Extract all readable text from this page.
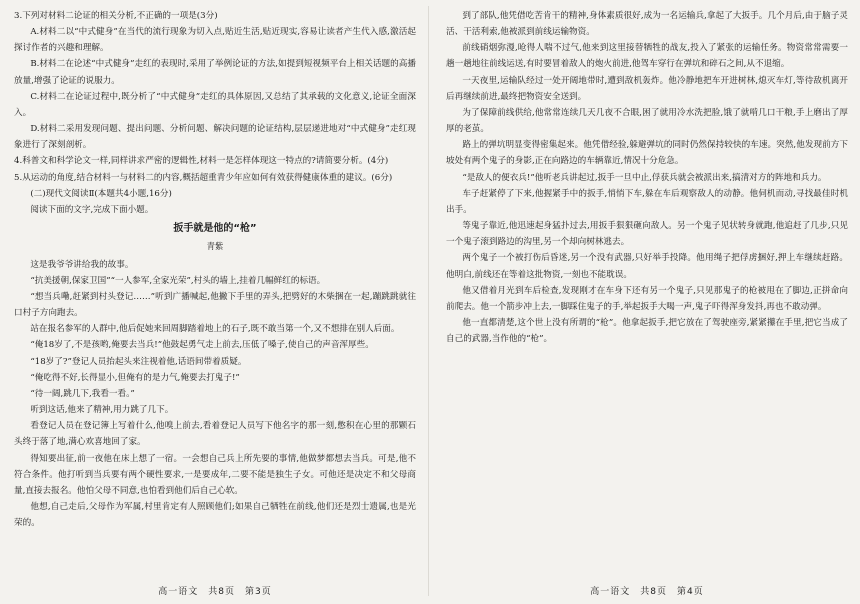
3.下列对材料二论证的相关分析,不正确的一项是(3分)

A.材料二以“中式健身”在当代的流行现象为切入点,贴近生活,贴近现实,容易让读者产生代入感,激活起探讨作者的兴趣和理解。

B.材料二在论述“中式健身”走红的表现时,采用了举例论证的方法,如提到短视频平台上相关话题的高播放量,增强了论证的说服力。

C.材料二在论证过程中,既分析了“中式健身”走红的具体原因,又总结了其承载的文化意义,论证全面深入。

D.材料二采用发现问题、提出问题、分析问题、解决问题的论证结构,层层递进地对“中式健身”走红现象进行了深刻剖析。

4.科普文和科学论文一样,同样讲求严密的逻辑性,材料一是怎样体现这一特点的?请简要分析。(4分)

5.从运动的角度,结合材料一与材料二的内容,概括超重青少年应如何有效获得健康体重的建议。(6分)

(二)现代文阅读Ⅱ(本题共4小题,16分)

阅读下面的文字,完成下面小题。

扳手就是他的“枪”

青紫

这是我爷爷讲给我的故事。

“抗美援朝,保家卫国”“一人参军,全家光荣”,村头的墙上,挂着几幅鲜红的标语。

“想当兵嘞,赶紧到村头登记……”听到广播喊起,他撇下手里的弄头,把劈好的木柴捆在一起,蹦跳跳就往口村子方向跑去。

站在报名参军的人群中,他后促她来回周脚踏着地上的石子,既不敢当第一个,又不想排在别人后面。

“俺18岁了,不是孩哟,俺要去当兵!”他鼓起勇气走上前去,压低了嗓子,使自己的声音浑厚些。

“18岁了?”登记人员抬起头来注视着他,话语间带着质疑。

“俺吃得不好,长得显小,但俺有的是力气,俺要去打鬼子!”

“待一阔,跳几下,我看一看。”

听到这话,他来了精神,用力跳了几下。

看登记人员在登记簿上写着什么,他嗅上前去,看着登记人员写下他名字的那一刻,憋积在心里的那颗石头终于落了地,满心欢喜地回了家。

得知要出征,前一夜他在床上想了一宿。一会想自己兵上所先要的事情,他做梦都想去当兵。可是,他不符合条件。他打听到当兵要有两个硬性要求,一是要成年,二要不能是独生子女。可他还是决定不和父母商量,直接去报名。他怕父母不同意,也怕看到他们后自己心软。

他想,自己走后,父母作为军属,村里肯定有人照顾他们;如果自己牺牲在前线,他们还是烈士遗属,也是光荣的。

到了部队,他凭借吃苦肯干的精神,身体素质很好,成为一名运输兵,拿起了大扳手。几个月后,由于脑子灵活、干活利索,他被派到前线运输物资。

前线硝烟弥漫,呛得人喘不过气,他来到这里接替牺牲的战友,投入了紧张的运输任务。物资常常需要一趟一趟地往前线运送,有时要冒着敌人的炮火前进,他驾车穿行在弹坑和碎石之间,从不退缩。

一天夜里,运输队经过一处开阔地带时,遭到敌机轰炸。他冷静地把车开进树林,熄灭车灯,等待敌机离开后再继续前进,最终把物资安全送到。

为了保障前线供给,他常常连续几天几夜不合眼,困了就用冷水洗把脸,饿了就啃几口干粮,手上磨出了厚厚的老茧。

路上的弹坑明显变得密集起来。他凭借经验,躲避弹坑的同时仍然保持较快的车速。突然,他发现前方下坡处有两个鬼子的身影,正在向路边的车辆靠近,情况十分危急。

“是敌人的便衣兵!”他听老兵讲起过,扳手一旦中止,俘获兵就会被派出来,搞清对方的阵地和兵力。

车子赶紧停了下来,他握紧手中的扳手,悄悄下车,躲在车后观察敌人的动静。他伺机而动,寻找最佳时机出手。

等鬼子靠近,他迅速起身猛扑过去,用扳手狠狠砸向敌人。另一个鬼子见状转身就跑,他追赶了几步,只见一个鬼子滚到路边的沟里,另一个却向树林逃去。

两个鬼子一个被打伤后昏迷,另一个没有武器,只好举手投降。他用绳子把俘虏捆好,押上车继续赶路。他明白,前线还在等着这批物资,一刻也不能耽误。

他又借着月光到车后检查,发现刚才在车身下还有另一个鬼子,只见那鬼子的枪被甩在了脚边,正拼命向前爬去。他一个箭步冲上去,一脚踩住鬼子的手,举起扳手大喝一声,鬼子吓得浑身发抖,再也不敢动弹。

他一直都清楚,这个世上没有所谓的“枪”。他拿起扳手,把它放在了驾驶座旁,紧紧攥在手里,把它当成了自己的武器,当作他的“枪”。

高一语文　共8页　第3页	高一语文　共8页　第4页
